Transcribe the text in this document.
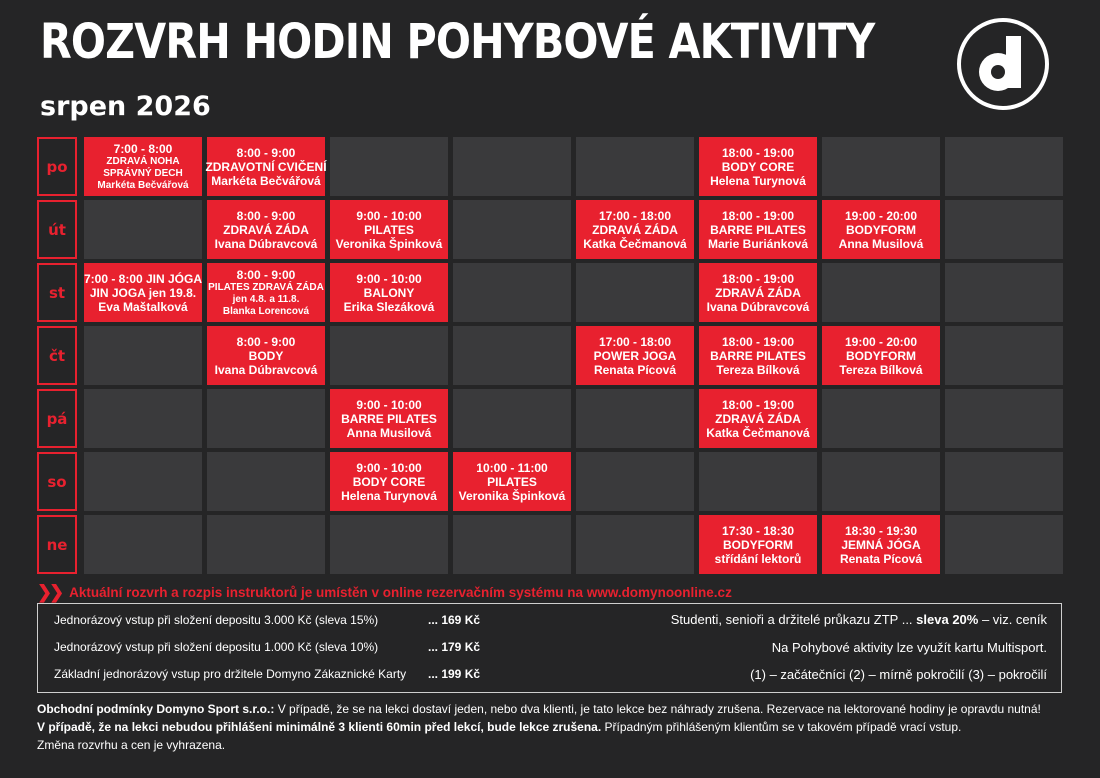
ROZVRH HODIN POHYBOVÉ AKTIVITY
srpen 2026
po
7:00 - 8:00
ZDRAVÁ NOHA
SPRÁVNÝ DECH
Markéta Bečvářová
8:00 - 9:00
ZDRAVOTNÍ CVIČENÍ
Markéta Bečvářová
18:00 - 19:00
BODY CORE
Helena Turynová
út
8:00 - 9:00
ZDRAVÁ ZÁDA
Ivana Dúbravcová
9:00 - 10:00
PILATES
Veronika Špinková
17:00 - 18:00
ZDRAVÁ ZÁDA
Katka Čečmanová
18:00 - 19:00
BARRE PILATES
Marie Buriánková
19:00 - 20:00
BODYFORM
Anna Musilová
st
7:00 - 8:00 JIN JÓGA
JIN JOGA jen 19.8.
Eva Maštalková
8:00 - 9:00
PILATES ZDRAVÁ ZÁDA
jen 4.8. a 11.8.
Blanka Lorencová
9:00 - 10:00
BALONY
Erika Slezáková
18:00 - 19:00
ZDRAVÁ ZÁDA
Ivana Dúbravcová
čt
8:00 - 9:00
BODY
Ivana Dúbravcová
17:00 - 18:00
POWER JOGA
Renata Pícová
18:00 - 19:00
BARRE PILATES
Tereza Bílková
19:00 - 20:00
BODYFORM
Tereza Bílková
pá
9:00 - 10:00
BARRE PILATES
Anna Musilová
18:00 - 19:00
ZDRAVÁ ZÁDA
Katka Čečmanová
so
9:00 - 10:00
BODY CORE
Helena Turynová
10:00 - 11:00
PILATES
Veronika Špinková
ne
17:30 - 18:30
BODYFORM
střídání lektorů
18:30 - 19:30
JEMNÁ JÓGA
Renata Pícová
❯❯ Aktuální rozvrh a rozpis instruktorů je umístěn v online rezervačním systému na www.domynoonline.cz
Jednorázový vstup při složení depositu 3.000 Kč (sleva 15%)	... 169 Kč
Jednorázový vstup při složení depositu 1.000 Kč (sleva 10%)	... 179 Kč
Základní jednorázový vstup pro držitele Domyno Zákaznické Karty ... 199 Kč
Studenti, senioři a držitelé průkazu ZTP ... sleva 20% – viz. ceník
Na Pohybové aktivity lze využít kartu Multisport.
(1) – začátečníci (2) – mírně pokročilí (3) – pokročilí
Obchodní podmínky Domyno Sport s.r.o.: V případě, že se na lekci dostaví jeden, nebo dva klienti, je tato lekce bez náhrady zrušena. Rezervace na lektorované hodiny je opravdu nutná!
V případě, že na lekci nebudou přihlášeni minimálně 3 klienti 60min před lekcí, bude lekce zrušena. Případným přihlášeným klientům se v takovém případě vrací vstup.
Změna rozvrhu a cen je vyhrazena.
